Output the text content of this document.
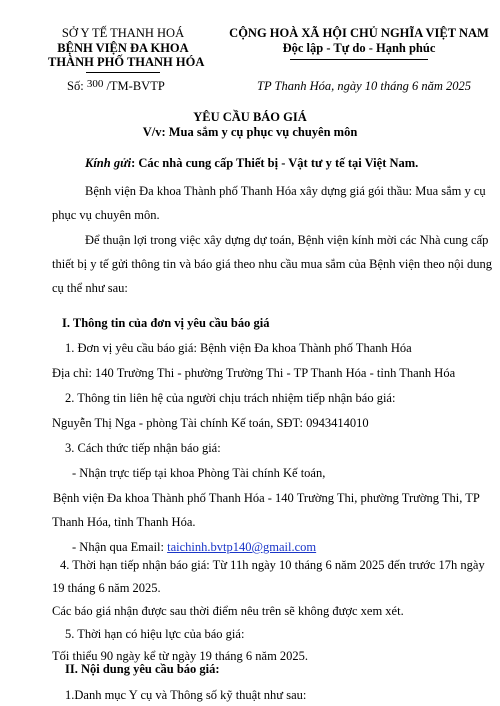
SỞ Y TẾ THANH HOÁ
BỆNH VIỆN ĐA KHOA
THÀNH PHỐ THANH HÓA
CỘNG HOÀ XÃ HỘI CHỦ NGHĨA VIỆT NAM
Độc lập - Tự do - Hạnh phúc
Số: 300 /TM-BVTP	TP Thanh Hóa, ngày 10 tháng 6 năm 2025
YÊU CẦU BÁO GIÁ
V/v: Mua sắm y cụ phục vụ chuyên môn
Kính gửi: Các nhà cung cấp Thiết bị - Vật tư y tế tại Việt Nam.
Bệnh viện Đa khoa Thành phố Thanh Hóa xây dựng giá gói thầu: Mua sắm y cụ
phục vụ chuyên môn.
Để thuận lợi trong việc xây dựng dự toán, Bệnh viện kính mời các Nhà cung cấp
thiết bị y tế gửi thông tin và báo giá theo nhu cầu mua sắm của Bệnh viện theo nội dung
cụ thể như sau:
I. Thông tin của đơn vị yêu cầu báo giá
1. Đơn vị yêu cầu báo giá: Bệnh viện Đa khoa Thành phố Thanh Hóa
Địa chỉ: 140 Trường Thi - phường Trường Thi - TP Thanh Hóa - tỉnh Thanh Hóa
2. Thông tin liên hệ của người chịu trách nhiệm tiếp nhận báo giá:
Nguyễn Thị Nga - phòng Tài chính Kế toán, SĐT: 0943414010
3. Cách thức tiếp nhận báo giá:
- Nhận trực tiếp tại khoa Phòng Tài chính Kế toán,
Bệnh viện Đa khoa Thành phố Thanh Hóa - 140 Trường Thi, phường Trường Thi, TP
Thanh Hóa, tỉnh Thanh Hóa.
- Nhận qua Email: taichinh.bvtp140@gmail.com
4. Thời hạn tiếp nhận báo giá: Từ 11h ngày 10 tháng 6 năm 2025 đến trước 17h ngày
19 tháng 6 năm 2025.
Các báo giá nhận được sau thời điểm nêu trên sẽ không được xem xét.
5. Thời hạn có hiệu lực của báo giá:
Tối thiểu 90 ngày kể từ ngày 19 tháng 6 năm 2025.
II. Nội dung yêu cầu báo giá:
1.Danh mục Y cụ và Thông số kỹ thuật như sau:
